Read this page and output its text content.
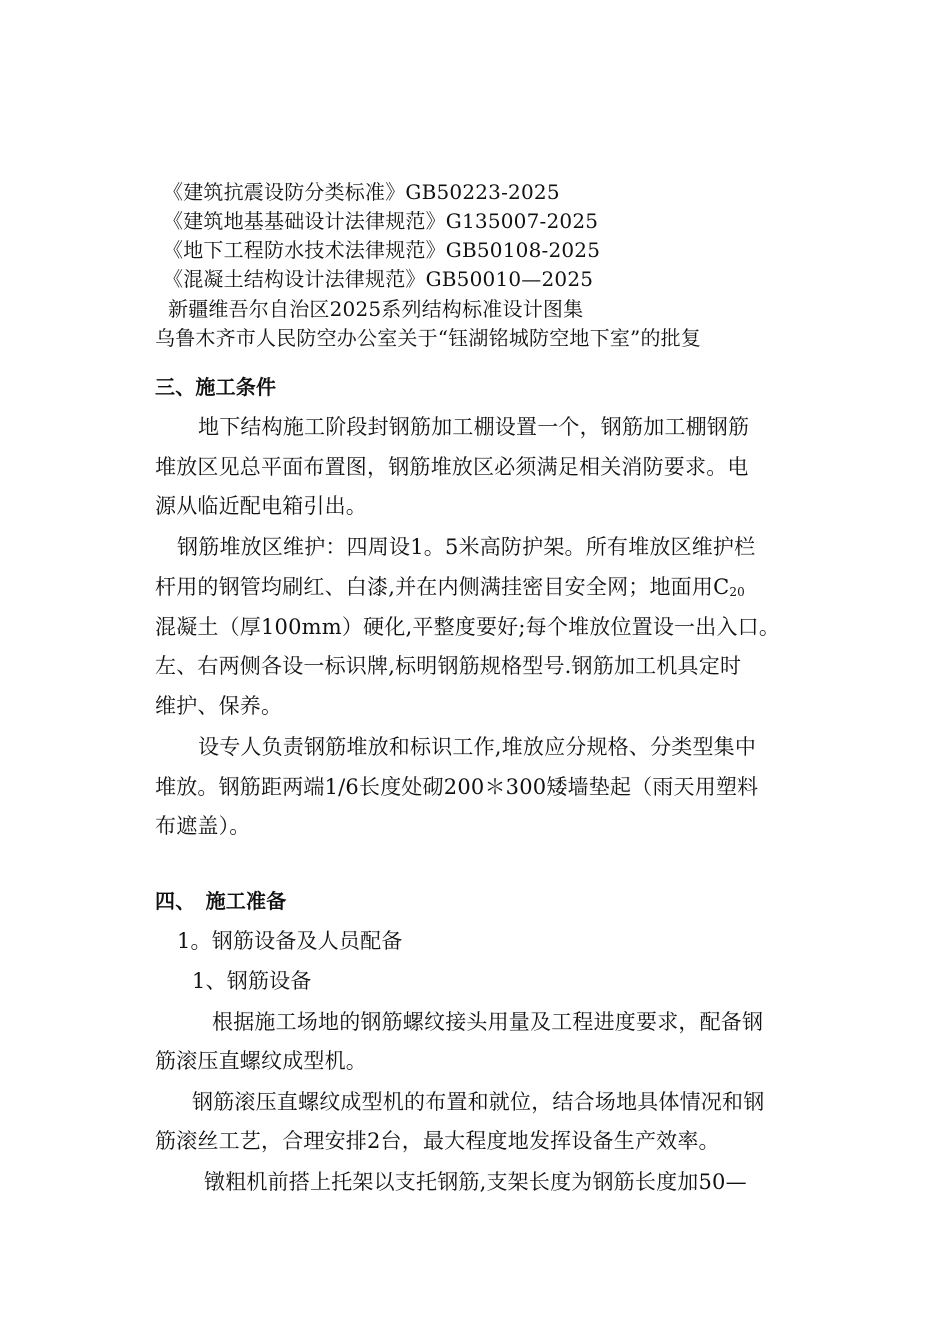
《建筑抗震设防分类标准》GB50223-2025
《建筑地基基础设计法律规范》G135007-2025
《地下工程防水技术法律规范》GB50108-2025
《混凝土结构设计法律规范》GB50010—2025
新疆维吾尔自治区2025系列结构标准设计图集
乌鲁木齐市人民防空办公室关于“钰湖铭城防空地下室”的批复
三、施工条件
地下结构施工阶段封钢筋加工棚设置一个，钢筋加工棚钢筋
堆放区见总平面布置图，钢筋堆放区必须满足相关消防要求。电
源从临近配电箱引出。
钢筋堆放区维护：四周设1。5米高防护架。所有堆放区维护栏
杆用的钢管均刷红、白漆,并在内侧满挂密目安全网；地面用$C_{20}$
混凝土（厚100mm）硬化,平整度要好;每个堆放位置设一出入口。
左、右两侧各设一标识牌,标明钢筋规格型号.钢筋加工机具定时
维护、保养。
设专人负责钢筋堆放和标识工作,堆放应分规格、分类型集中
堆放。钢筋距两端1/6长度处砌200＊300矮墙垫起（雨天用塑料
布遮盖）。
四、　施工准备
1。钢筋设备及人员配备
1、钢筋设备
根据施工场地的钢筋螺纹接头用量及工程进度要求，配备钢
筋滚压直螺纹成型机。
钢筋滚压直螺纹成型机的布置和就位，结合场地具体情况和钢
筋滚丝工艺，合理安排2台，最大程度地发挥设备生产效率。
镦粗机前搭上托架以支托钢筋,支架长度为钢筋长度加50—
